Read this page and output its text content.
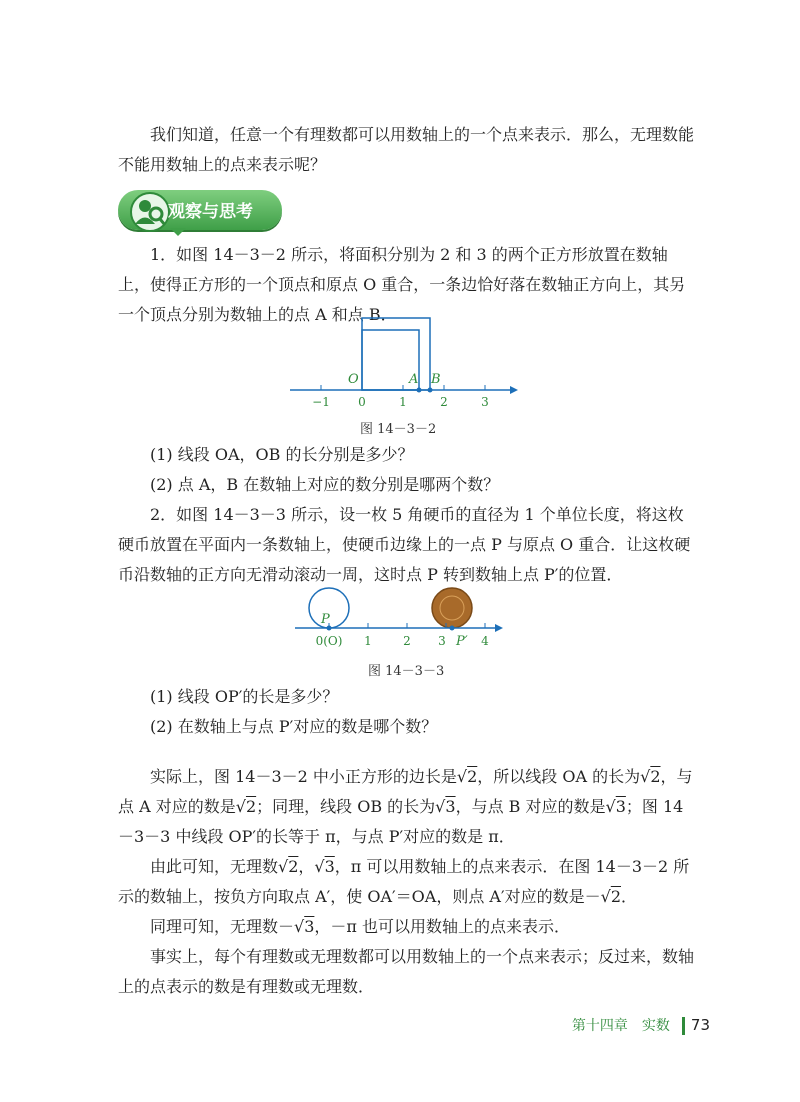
我们知道，任意一个有理数都可以用数轴上的一个点来表示．那么，无理数能不能用数轴上的点来表示呢？

观察与思考

1．如图 14－3－2 所示，将面积分别为 2 和 3 的两个正方形放置在数轴上，使得正方形的一个顶点和原点 O 重合，一条边恰好落在数轴正方向上，其另一个顶点分别为数轴上的点 A 和点 B．

O	A B
−1 0	1	2	3
图 14－3－2

(1) 线段 OA，OB 的长分别是多少？

(2) 点 A，B 在数轴上对应的数分别是哪两个数？

2．如图 14－3－3 所示，设一枚 5 角硬币的直径为 1 个单位长度，将这枚硬币放置在平面内一条数轴上，使硬币边缘上的一点 P 与原点 O 重合．让这枚硬币沿数轴的正方向无滑动滚动一周，这时点 P 转到数轴上点 P′的位置．

P
P′
0(O) 1	2 3	4
图 14－3－3

(1) 线段 OP′的长是多少？

(2) 在数轴上与点 P′对应的数是哪个数？

实际上，图 14－3－2 中小正方形的边长是√2，所以线段 OA 的长为√2，与点 A 对应的数是√2；同理，线段 OB 的长为√3，与点 B 对应的数是√3；图 14－3－3 中线段 OP′的长等于 π，与点 P′对应的数是 π．

由此可知，无理数√2，√3，π 可以用数轴上的点来表示．在图 14－3－2 所示的数轴上，按负方向取点 A′，使 OA′＝OA，则点 A′对应的数是－√2．

同理可知，无理数－√3，－π 也可以用数轴上的点来表示．

事实上，每个有理数或无理数都可以用数轴上的一个点来表示；反过来，数轴上的点表示的数是有理数或无理数．

第十四章　实数 73
